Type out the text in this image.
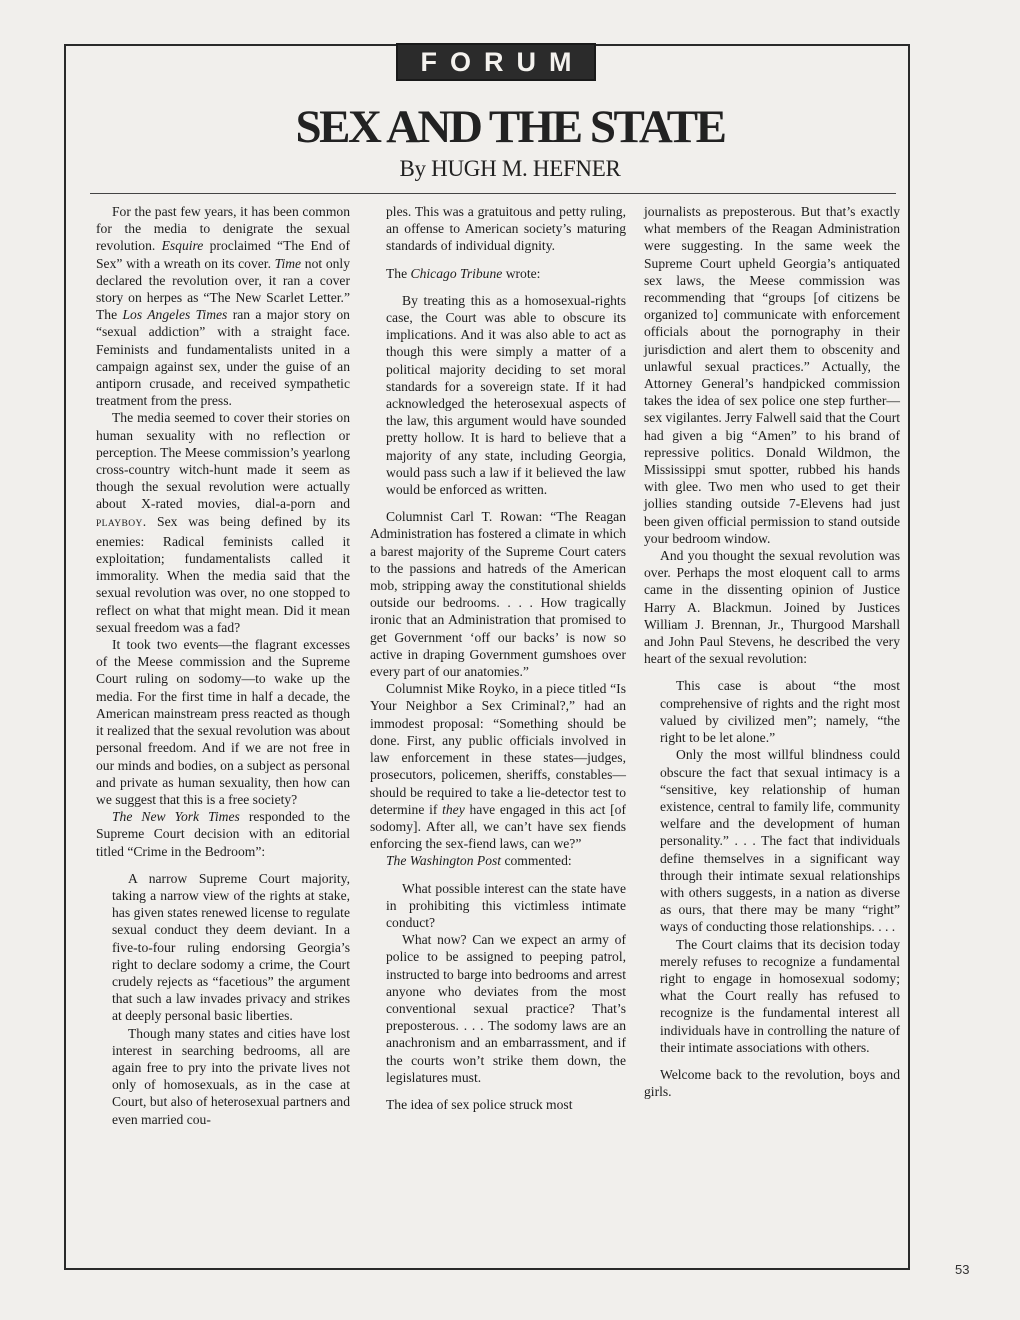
FORUM
SEX AND THE STATE
By HUGH M. HEFNER

For the past few years, it has been common for the media to denigrate the sexual revolution. Esquire proclaimed “The End of Sex” with a wreath on its cover. Time not only declared the revolution over, it ran a cover story on herpes as “The New Scarlet Letter.” The Los Angeles Times ran a major story on “sexual addiction” with a straight face. Feminists and fundamentalists united in a campaign against sex, under the guise of an antiporn crusade, and received sympathetic treatment from the press.

The media seemed to cover their stories on human sexuality with no reflection or perception. The Meese commission’s yearlong cross-country witch-hunt made it seem as though the sexual revolution were actually about X-rated movies, dial-a-porn and PLAYBOY. Sex was being defined by its enemies: Radical feminists called it exploitation; fundamentalists called it immorality. When the media said that the sexual revolution was over, no one stopped to reflect on what that might mean. Did it mean sexual freedom was a fad?

It took two events—the flagrant excesses of the Meese commission and the Supreme Court ruling on sodomy—to wake up the media. For the first time in half a decade, the American mainstream press reacted as though it realized that the sexual revolution was about personal freedom. And if we are not free in our minds and bodies, on a subject as personal and private as human sexuality, then how can we suggest that this is a free society?

The New York Times responded to the Supreme Court decision with an editorial titled “Crime in the Bedroom”:

A narrow Supreme Court majority, taking a narrow view of the rights at stake, has given states renewed license to regulate sexual conduct they deem deviant. In a five-to-four ruling endorsing Georgia’s right to declare sodomy a crime, the Court crudely rejects as “facetious” the argument that such a law invades privacy and strikes at deeply personal basic liberties.

Though many states and cities have lost interest in searching bedrooms, all are again free to pry into the private lives not only of homosexuals, as in the case at Court, but also of heterosexual partners and even married cou-

ples. This was a gratuitous and petty ruling, an offense to American society’s maturing standards of individual dignity.

The Chicago Tribune wrote:

By treating this as a homosexual-rights case, the Court was able to obscure its implications. And it was also able to act as though this were simply a matter of a political majority deciding to set moral standards for a sovereign state. If it had acknowledged the heterosexual aspects of the law, this argument would have sounded pretty hollow. It is hard to believe that a majority of any state, including Georgia, would pass such a law if it believed the law would be enforced as written.

Columnist Carl T. Rowan: “The Reagan Administration has fostered a climate in which a barest majority of the Supreme Court caters to the passions and hatreds of the American mob, stripping away the constitutional shields outside our bedrooms. . . . How tragically ironic that an Administration that promised to get Government ‘off our backs’ is now so active in draping Government gumshoes over every part of our anatomies.”

Columnist Mike Royko, in a piece titled “Is Your Neighbor a Sex Criminal?,” had an immodest proposal: “Something should be done. First, any public officials involved in law enforcement in these states—judges, prosecutors, policemen, sheriffs, constables—should be required to take a lie-detector test to determine if they have engaged in this act [of sodomy]. After all, we can’t have sex fiends enforcing the sex-fiend laws, can we?”

The Washington Post commented:

What possible interest can the state have in prohibiting this victimless intimate conduct?

What now? Can we expect an army of police to be assigned to peeping patrol, instructed to barge into bedrooms and arrest anyone who deviates from the most conventional sexual practice? That’s preposterous. . . . The sodomy laws are an anachronism and an embarrassment, and if the courts won’t strike them down, the legislatures must.

The idea of sex police struck most

journalists as preposterous. But that’s exactly what members of the Reagan Administration were suggesting. In the same week the Supreme Court upheld Georgia’s antiquated sex laws, the Meese commission was recommending that “groups [of citizens be organized to] communicate with enforcement officials about the pornography in their jurisdiction and alert them to obscenity and unlawful sexual practices.” Actually, the Attorney General’s handpicked commission takes the idea of sex police one step further—sex vigilantes. Jerry Falwell said that the Court had given a big “Amen” to his brand of repressive politics. Donald Wildmon, the Mississippi smut spotter, rubbed his hands with glee. Two men who used to get their jollies standing outside 7-Elevens had just been given official permission to stand outside your bedroom window.

And you thought the sexual revolution was over. Perhaps the most eloquent call to arms came in the dissenting opinion of Justice Harry A. Blackmun. Joined by Justices William J. Brennan, Jr., Thurgood Marshall and John Paul Stevens, he described the very heart of the sexual revolution:

This case is about “the most comprehensive of rights and the right most valued by civilized men”; namely, “the right to be let alone.”

Only the most willful blindness could obscure the fact that sexual intimacy is a “sensitive, key relationship of human existence, central to family life, community welfare and the development of human personality.” . . . The fact that individuals define themselves in a significant way through their intimate sexual relationships with others suggests, in a nation as diverse as ours, that there may be many “right” ways of conducting those relationships. . . .

The Court claims that its decision today merely refuses to recognize a fundamental right to engage in homosexual sodomy; what the Court really has refused to recognize is the fundamental interest all individuals have in controlling the nature of their intimate associations with others.

Welcome back to the revolution, boys and girls.

53
